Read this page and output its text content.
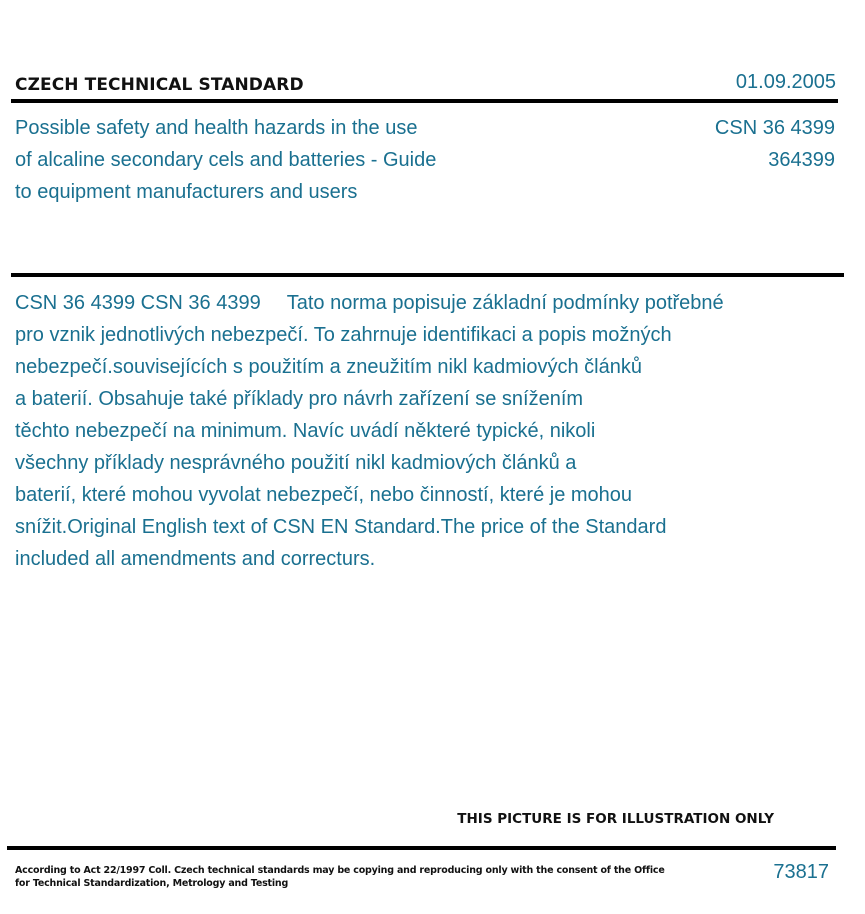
CZECH TECHNICAL STANDARD	01.09.2005
Possible safety and health hazards in the use
of alcaline secondary cels and batteries - Guide
to equipment manufacturers and users
CSN 36 4399
364399
CSN 36 4399 CSN 36 4399 Tato norma popisuje základní podmínky potřebné
pro vznik jednotlivých nebezpečí. To zahrnuje identifikaci a popis možných
nebezpečí.souvisejících s použitím a zneužitím nikl kadmiových článků
a baterií. Obsahuje také příklady pro návrh zařízení se snížením
těchto nebezpečí na minimum. Navíc uvádí některé typické, nikoli
všechny příklady nesprávného použití nikl kadmiových článků a
baterií, které mohou vyvolat nebezpečí, nebo činností, které je mohou
snížit.Original English text of CSN EN Standard.The price of the Standard
included all amendments and correcturs.
THIS PICTURE IS FOR ILLUSTRATION ONLY
According to Act 22/1997 Coll. Czech technical standards may be copying and reproducing only with the consent of the Office
for Technical Standardization, Metrology and Testing
73817
